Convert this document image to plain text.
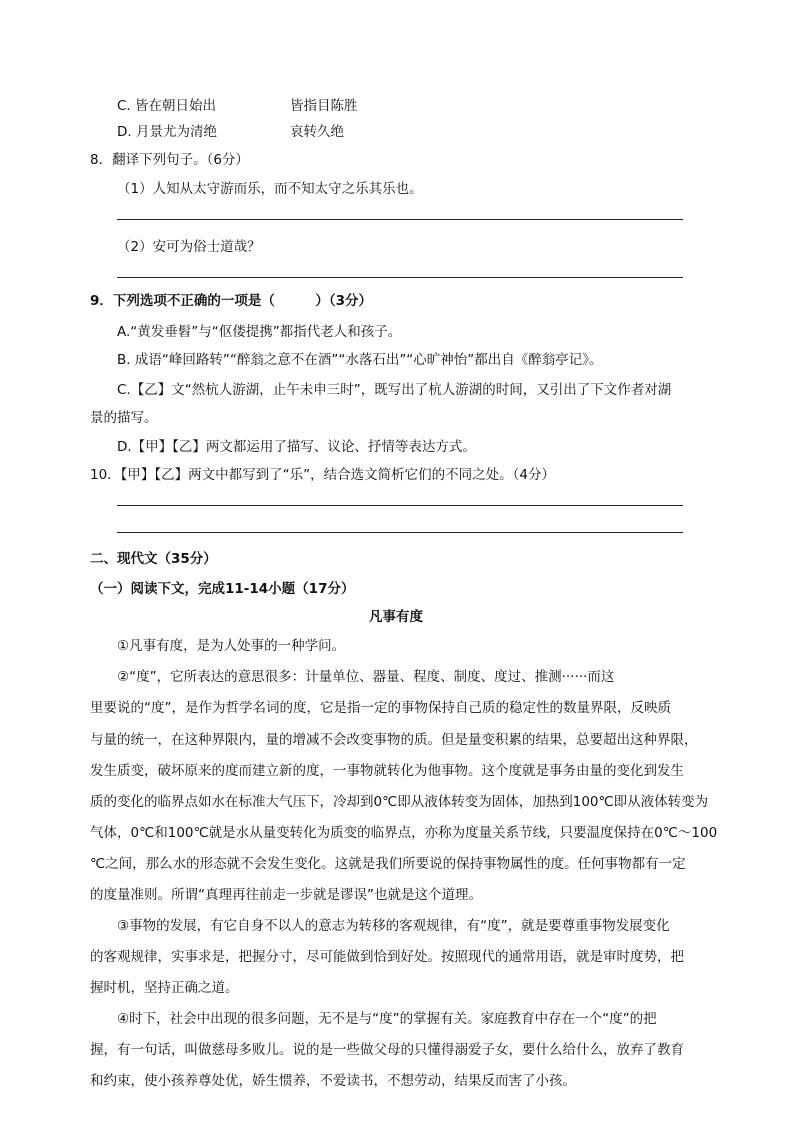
C. 皆在朝日始出	皆指目陈胜
D. 月景尤为清绝	哀转久绝
8．翻译下列句子。（6分）
（1）人知从太守游而乐，而不知太守之乐其乐也。
（2）安可为俗士道哉？
9．下列选项不正确的一项是（　　　）（3分）
A.“黄发垂髫”与“伛偻提携”都指代老人和孩子。
B. 成语“峰回路转”“醉翁之意不在酒”“水落石出”“心旷神怡”都出自《醉翁亭记》。
C.【乙】文“然杭人游湖，止午未申三时”，既写出了杭人游湖的时间，又引出了下文作者对湖
景的描写。
D.【甲】【乙】两文都运用了描写、议论、抒情等表达方式。
10．【甲】【乙】两文中都写到了“乐”，结合选文简析它们的不同之处。（4分）
二、现代文（35分）
（一）阅读下文，完成11-14小题（17分）
凡事有度
①凡事有度，是为人处事的一种学问。
②“度”，它所表达的意思很多：计量单位、器量、程度、制度、度过、推测······而这
里要说的“度”，是作为哲学名词的度，它是指一定的事物保持自己质的稳定性的数量界限，反映质
与量的统一，在这种界限内，量的增减不会改变事物的质。但是量变积累的结果，总要超出这种界限，
发生质变，破坏原来的度而建立新的度，一事物就转化为他事物。这个度就是事务由量的变化到发生
质的变化的临界点如水在标准大气压下，冷却到0℃即从液体转变为固体，加热到100℃即从液体转变为
气体，0℃和100℃就是水从量变转化为质变的临界点，亦称为度量关系节线，只要温度保持在0℃～100
℃之间，那么水的形态就不会发生变化。这就是我们所要说的保持事物属性的度。任何事物都有一定
的度量准则。所谓“真理再往前走一步就是谬误”也就是这个道理。
③事物的发展，有它自身不以人的意志为转移的客观规律，有“度”，就是要尊重事物发展变化
的客观规律，实事求是，把握分寸，尽可能做到恰到好处。按照现代的通常用语，就是审时度势，把
握时机，坚持正确之道。
④时下，社会中出现的很多问题，无不是与“度”的掌握有关。家庭教育中存在一个“度”的把
握，有一句话，叫做慈母多败儿。说的是一些做父母的只懂得溺爱子女，要什么给什么，放弃了教育
和约束，使小孩养尊处优，娇生惯养，不爱读书，不想劳动，结果反而害了小孩。
